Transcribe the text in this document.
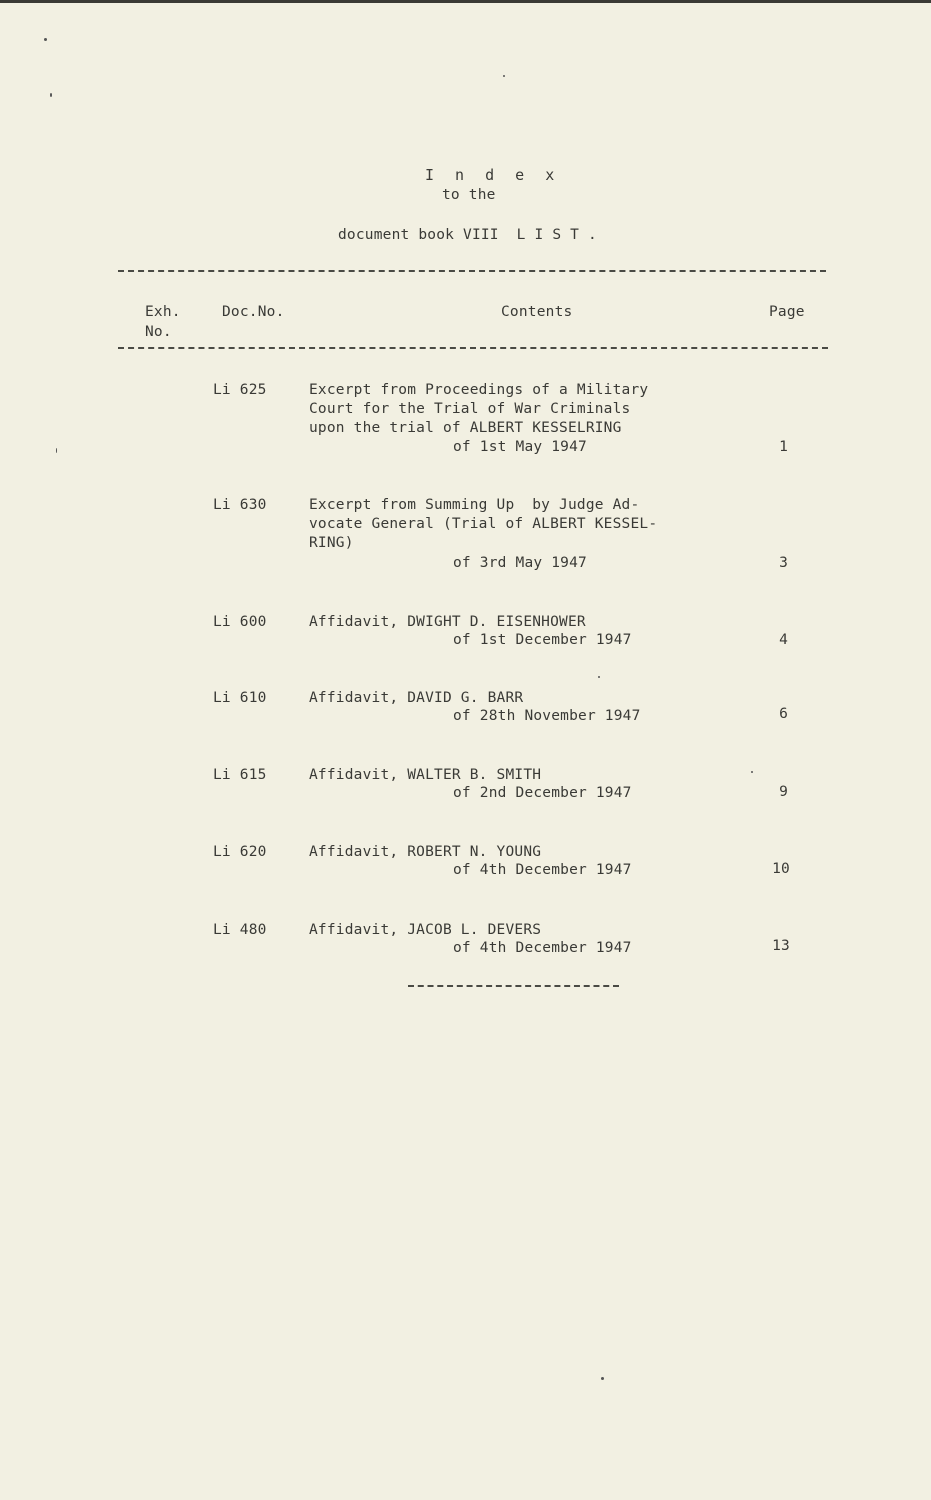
I n d e x
to the
document book VIII  L I S T .
Exh.
No.
Doc.No.	Contents	Page
Li 625	Excerpt from Proceedings of a Military
Court for the Trial of War Criminals
upon the trial of ALBERT KESSELRING
of 1st May 1947	1
Li 630	Excerpt from Summing Up  by Judge Ad-
vocate General (Trial of ALBERT KESSEL-
RING)
of 3rd May 1947	3
Li 600	Affidavit, DWIGHT D. EISENHOWER
of 1st December 1947	4
Li 610	Affidavit, DAVID G. BARR
of 28th November 1947	6
Li 615	Affidavit, WALTER B. SMITH
of 2nd December 1947	9
Li 620	Affidavit, ROBERT N. YOUNG
of 4th December 1947	10
Li 480	Affidavit, JACOB L. DEVERS
of 4th December 1947	13
